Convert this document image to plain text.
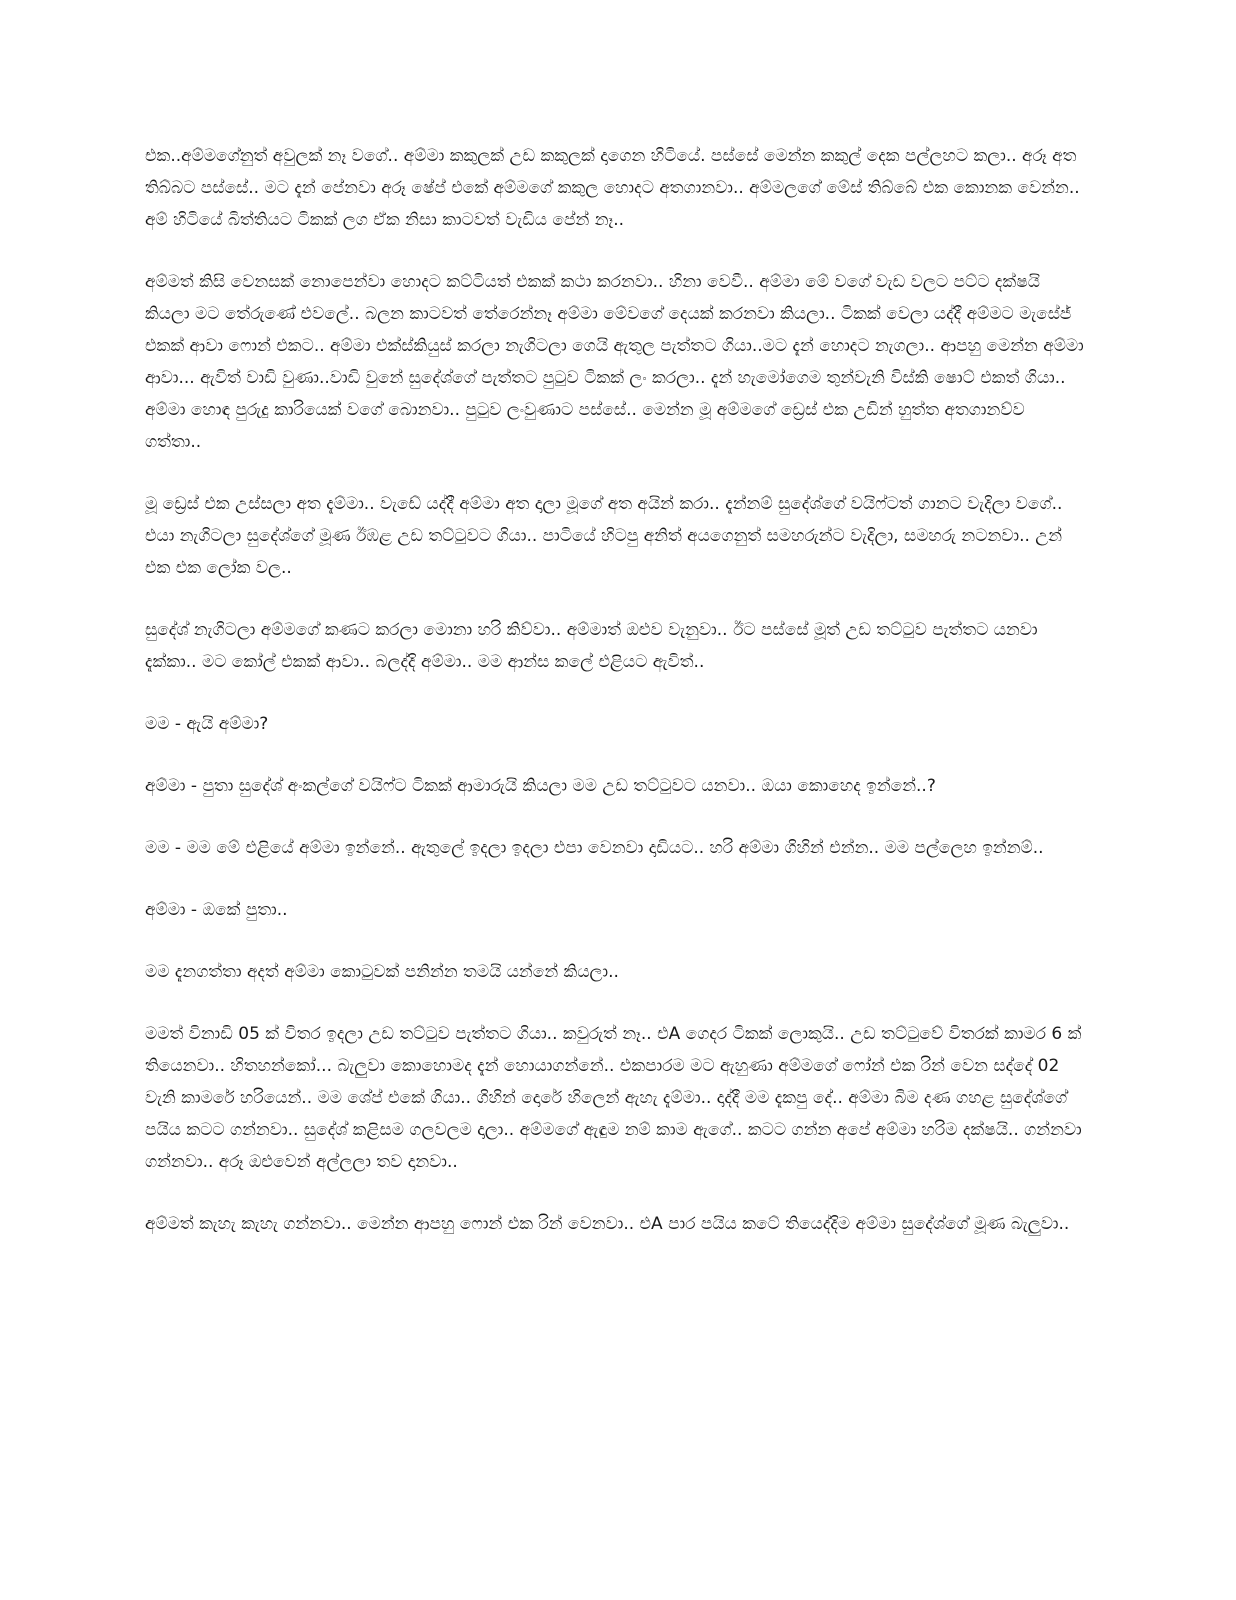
එක..අම්මගේනුත් අවුලක් නෑ වගේ.. අම්මා කකුලක් උඩ කකුලක් දාගෙන හිටියේ. පස්සේ මෙන්න කකුල් දෙක පල්ලහට කලා.. අරූ අත තිබ්බට පස්සේ.. මට දැන් පේනවා අරූ ෂේප් එකේ අම්මගේ කකුල හොදට අතගානවා.. අම්මලගේ මේස් තිබ්බේ එක කොනක වෙන්න.. අම් හිටියේ බිත්තියට ටිකක් ලග ඒක නිසා කාටවත් වැඩිය පේන් නෑ..

අම්මත් කිසි වෙනසක් නොපෙන්වා හොදට කට්ටියත් එකක් කථා කරනවා.. හිනා වෙවී.. අම්මා මේ වගේ වැඩ වලට පට්ට දක්ෂයි කියලා මට තේරුණේ එවලේ.. බලන කාටවත් තේරෙන්නෑ අම්මා මේවගේ දෙයක් කරනවා කියලා.. ටිකක් වෙලා යද්දී අම්මට මැසේජ් එකක් ආවා ෆොන් එකට.. අම්මා එක්ස්කියුස් කරලා නැගිටලා ගෙයි ඇතුල පැත්තට ගියා..මට දැන් හොදට නැගලා.. ආපහු මෙන්න අම්මා ආවා... ඇවිත් වාඩි වුණා..වාඩි වුනේ සුදේශ්ගේ පැත්තට පුටුව ටිකක් ලං කරලා.. දැන් හැමෝගෙම තුන්වැනි විස්කි ෂොට් එකත් ගියා.. අම්මා හොඳ පුරුදු කාරියෙක් වගේ බොනවා.. පුටුව ලංවුණාට පස්සේ.. මෙන්න මූ අම්මගේ ඩ්‍රෙස් එක උඩින් හුත්ත අතගානව්ව ගත්තා..

මූ ඩ්‍රෙස් එක උස්සලා අත දැම්මා.. වැඩේ යද්දී අම්මා අත දාලා මූගේ අත අයින් කරා.. දැන්නම් සුදේශ්ගේ වයිෆ්ටත් ගානට වැදිලා වගේ.. එයා නැගිටලා සුදේශ්ගේ මූණ ඊඹළ උඩ තට්ටුවට ගියා.. පාටියේ හිටපු අනිත් අයගෙනුත් සමහරුන්ට වැදිලා, සමහරු නටනවා.. උන් එක එක ලෝක වල..

සුදේශ් නැගිටලා අම්මගේ කණට කරලා මොනා හරි කිව්වා.. අම්මාත් ඔළුව වැනුවා.. ඊට පස්සේ මූත් උඩ තට්ටුව පැත්තට යනවා දැක්කා.. මට කෝල් එකක් ආවා.. බලද්දි අම්මා.. මම ආන්ස කලේ එළියට ඇවිත්..

මම - ඇයි අම්මා?

අම්මා - පුතා සුදේශ් අංකල්ගේ වයිෆ්ට ටිකක් ආමාරුයි කියලා මම උඩ තට්ටුවට යනවා.. ඔයා කොහෙද ඉන්නේ..?

මම - මම මේ එළියේ අම්මා ඉන්නේ.. ඇතුලේ ඉදලා ඉදලා එපා වෙනවා දාඩියට.. හරි අම්මා ගිහින් එන්න.. මම පල්ලෙහ ඉන්නම්..

අම්මා - ඔකේ පුතා..

මම දැනගත්තා අදත් අම්මා කොටුවක් පනින්න තමයි යන්නේ කියලා..

මමත් විනාඩි 05 ක් විතර ඉදලා උඩ තට්ටුව පැත්තට ගියා.. කවුරුත් නෑ.. එA ගෙදර ටිකක් ලොකුයි.. උඩ තට්ටුවේ විතරක් කාමර 6 ක් තියෙනවා.. හිතහන්කෝ... බැලුවා කොහොමද දැන් හොයාගන්නේ.. එකපාරම මට ඇහුණා අම්මගේ ෆෝන් එක රින් වෙන සද්දේ 02 වැනි කාමරේ හරියෙන්.. මම ශේප් එකේ ගියා.. ගිහින් දොරේ හිලෙන් ඇහැ දැම්මා.. දාද්දී මම දැකපු දේ.. අම්මා බිම දණ ගහළ සුදේශ්ගේ පයිය කටට ගන්නවා.. සුදේශ් කළිසම ගලවලම දාලා.. අම්මගේ ඇඳුම නම් කාම ඇගේ.. කටට ගන්න අපේ අම්මා හරිම දක්ෂයි.. ගන්නවා ගන්නවා.. අරූ ඔළුවෙන් අල්ලලා තව දානවා..

අම්මත් කැහැ කැහැ ගන්නවා.. මෙන්න ආපහු ෆොන් එක රින් වෙනවා.. එA පාර පයිය කටේ තියෙද්දිම අම්මා සුදේශ්ගේ මූණ බැලුවා..
